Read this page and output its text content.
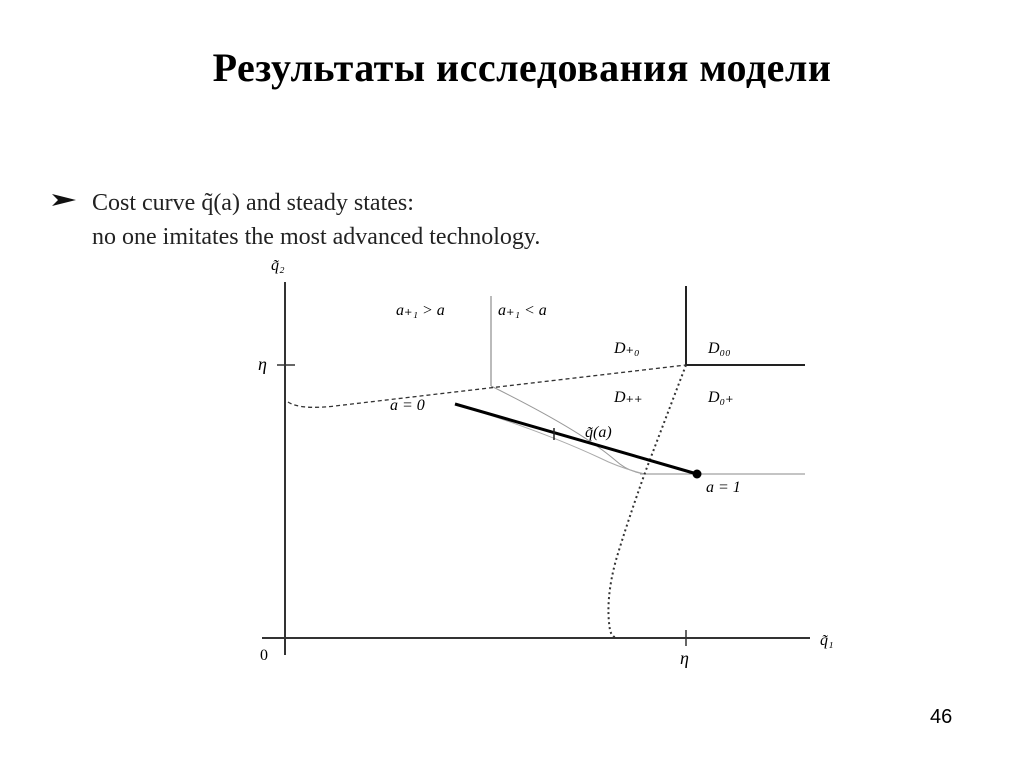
Результаты исследования модели
Cost curve q̃(a) and steady states:
no one imitates the most advanced technology.
q̃₂
q̃₁
0
η
η
a₊₁ > a	a₊₁ < a
D₊₀	D₀₀
D₊₊	D₀₊
a = 0
q̃(a)
a = 1
46
